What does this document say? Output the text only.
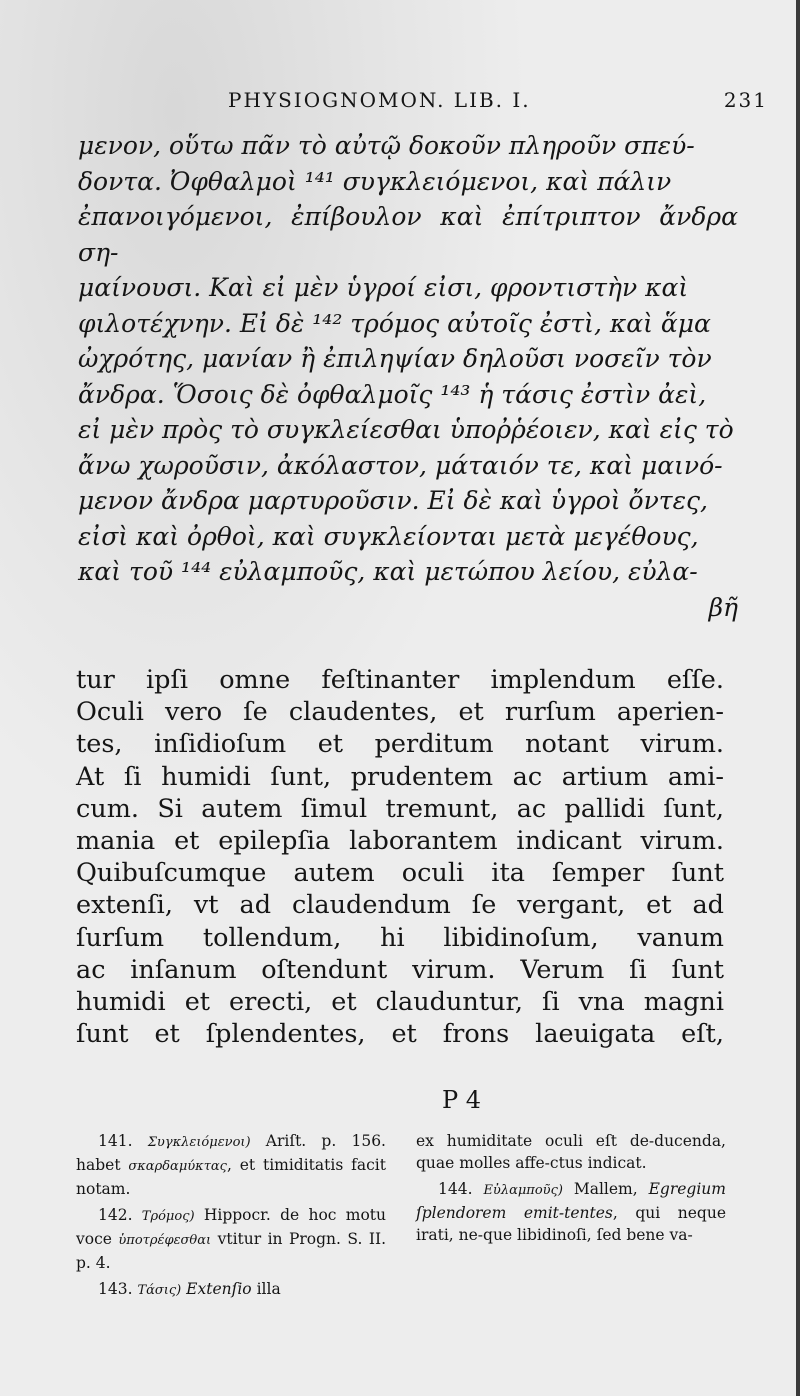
PHYSIOGNOMON. LIB. I.	231

μενον, οὕτω πᾶν τὸ αὐτῷ δοκοῦν πληροῦν σπεύ-

δοντα. Ὀφθαλμοὶ ¹⁴¹ συγκλειόμενοι, καὶ πάλιν

ἐπανοιγόμενοι, ἐπίβουλον καὶ ἐπίτριπτον ἄνδρα ση-

μαίνουσι. Καὶ εἰ μὲν ὑγροί εἰσι, φροντιστὴν καὶ

φιλοτέχνην. Εἰ δὲ ¹⁴² τρόμος αὐτοῖς ἐστὶ, καὶ ἅμα

ὠχρότης, μανίαν ἢ ἐπιληψίαν δηλοῦσι νοσεῖν τὸν

ἄνδρα. Ὅσοις δὲ ὀφθαλμοῖς ¹⁴³ ἡ τάσις ἐστὶν ἀεὶ,

εἰ μὲν πρὸς τὸ συγκλείεσθαι ὑποῤῥέοιεν, καὶ εἰς τὸ

ἄνω χωροῦσιν, ἀκόλαστον, μάταιόν τε, καὶ μαινό-

μενον ἄνδρα μαρτυροῦσιν. Εἰ δὲ καὶ ὑγροὶ ὄντες,

εἰσὶ καὶ ὀρθοὶ, καὶ συγκλείονται μετὰ μεγέθους,

καὶ τοῦ ¹⁴⁴ εὐλαμποῦς, καὶ μετώπου λείου, εὐλα-

βῆ

tur ipſi omne feſtinanter implendum eſſe.
Oculi vero ſe claudentes, et rurſum aperien-
tes, inſidioſum et perditum notant virum.
At ſi humidi ſunt, prudentem ac artium ami-
cum. Si autem ſimul tremunt, ac pallidi ſunt,
mania et epilepſia laborantem indicant virum.
Quibuſcumque autem oculi ita ſemper ſunt
extenſi, vt ad claudendum ſe vergant, et ad
ſurſum tollendum, hi libidinoſum, vanum
ac inſanum oſtendunt virum. Verum ſi ſunt
humidi et erecti, et clauduntur, ſi vna magni
ſunt et ſplendentes, et frons laeuigata eſt,
P 4

141. Συγκλειόμενοι) Ariſt. p. 156. habet σκαρδαμύκτας, et timiditatis facit notam.

142. Τρόμος) Hippocr. de hoc motu voce ὑποτρέφεσθαι vtitur in Progn. S. II. p. 4.

143. Τάσις) Extenſio illa

ex humiditate oculi eſt de-ducenda, quae molles affe-ctus indicat.

144. Εὐλαμποῦς) Mallem, Egregium ſplendorem emit-tentes, qui neque irati, ne-que libidinoſi, ſed bene va-
